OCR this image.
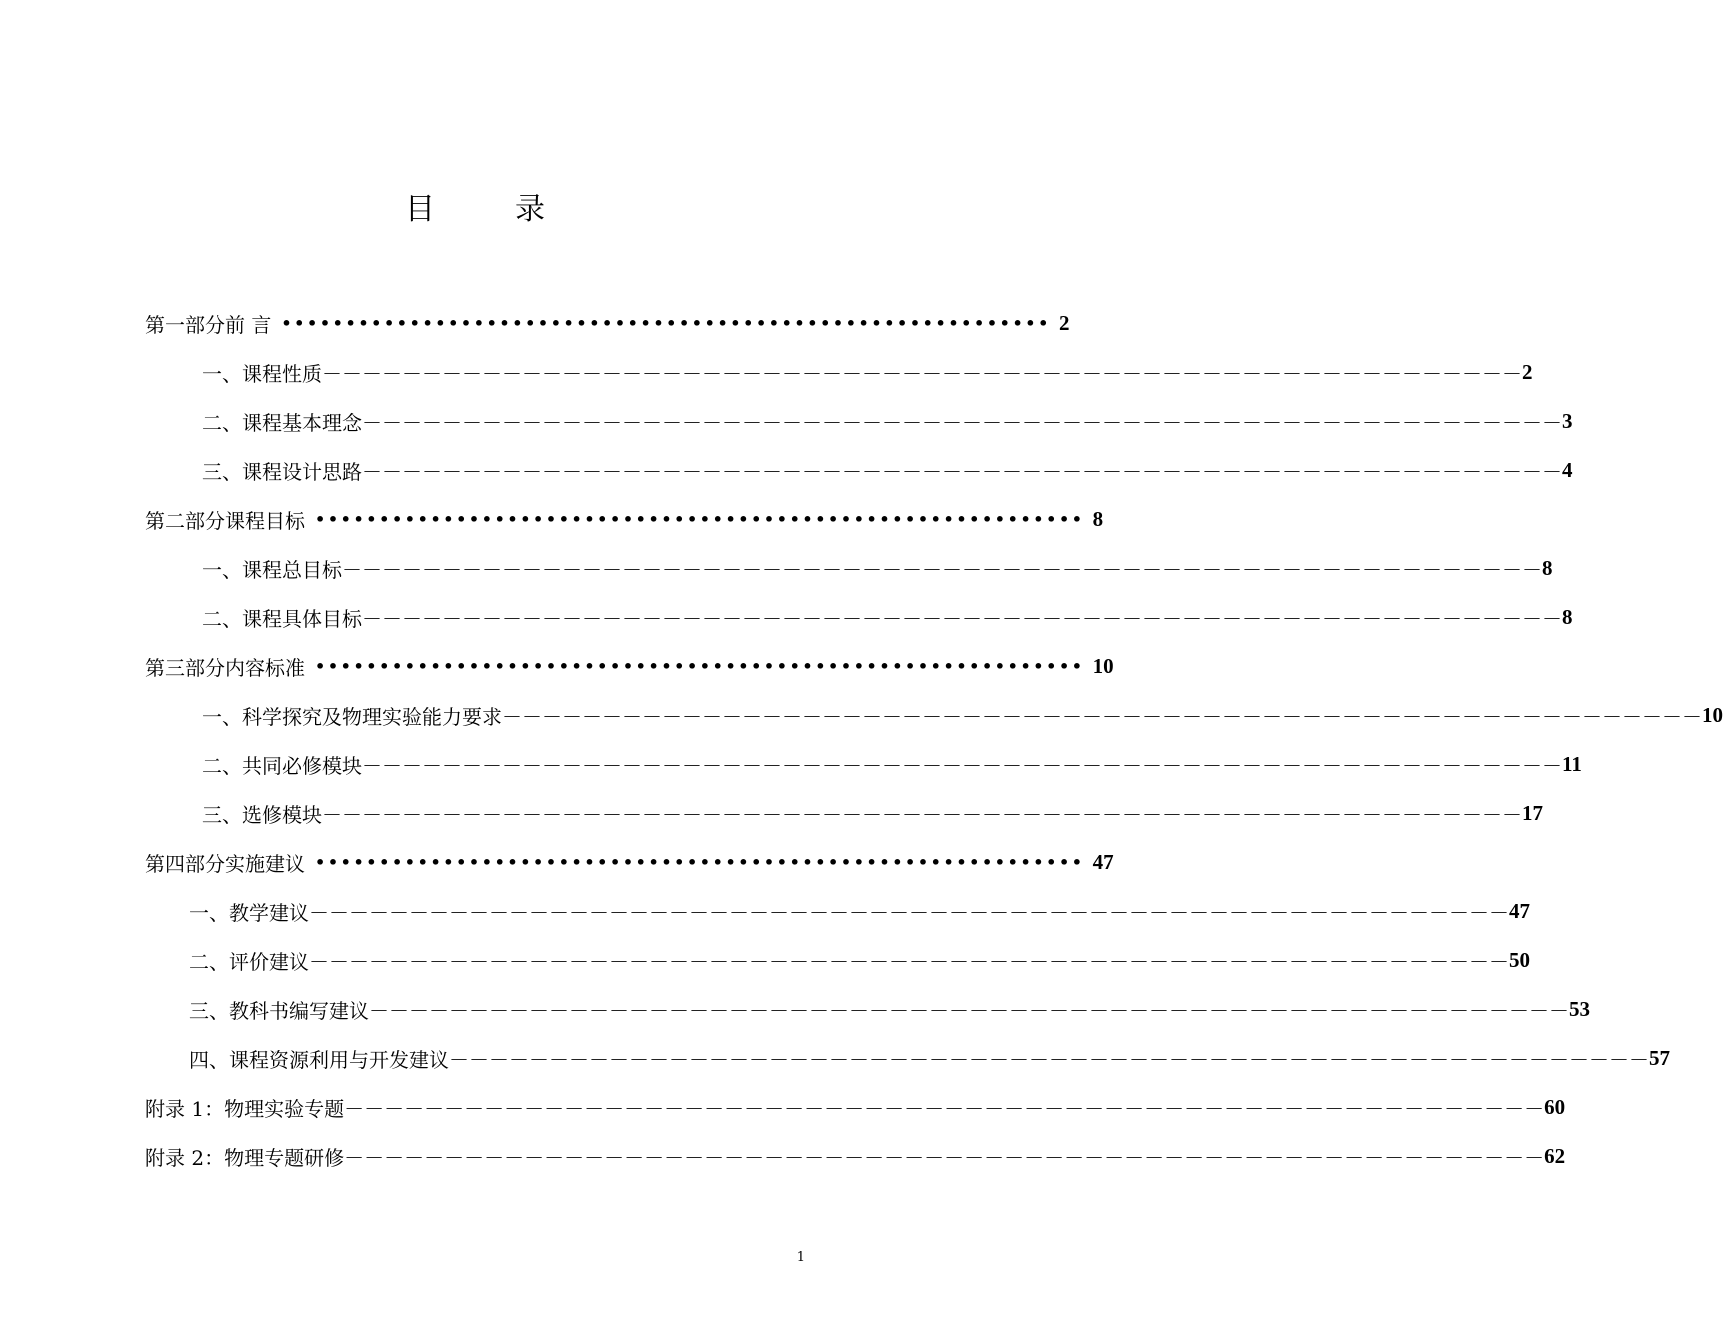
目	录
第一部分 前 言 •••••••••••••••••••••••••••••••••••••••••••••••••••••••••••• 2
一、 课程性质 －－－－－－－－－－－－－－－－－－－－－－－－－－－－－－－－－－－－－－－－－－－－－－－－－－－－－－－－－－－－ 2
二、 课程基本理念 －－－－－－－－－－－－－－－－－－－－－－－－－－－－－－－－－－－－－－－－－－－－－－－－－－－－－－－－－－－－ 3
三、 课程设计思路 －－－－－－－－－－－－－－－－－－－－－－－－－－－－－－－－－－－－－－－－－－－－－－－－－－－－－－－－－－－－ 4
第二部分 课程目标 •••••••••••••••••••••••••••••••••••••••••••••••••••••••••••• 8
一、 课程总目标 －－－－－－－－－－－－－－－－－－－－－－－－－－－－－－－－－－－－－－－－－－－－－－－－－－－－－－－－－－－－ 8
二、 课程具体目标 －－－－－－－－－－－－－－－－－－－－－－－－－－－－－－－－－－－－－－－－－－－－－－－－－－－－－－－－－－－－ 8
第三部分 内容标准 •••••••••••••••••••••••••••••••••••••••••••••••••••••••••••• 10
一、 科学探究及物理实验能力要求 －－－－－－－－－－－－－－－－－－－－－－－－－－－－－－－－－－－－－－－－－－－－－－－－－－－－－－－－－－－－ 10
二、 共同必修模块 －－－－－－－－－－－－－－－－－－－－－－－－－－－－－－－－－－－－－－－－－－－－－－－－－－－－－－－－－－－－ 11
三、 选修模块 －－－－－－－－－－－－－－－－－－－－－－－－－－－－－－－－－－－－－－－－－－－－－－－－－－－－－－－－－－－－ 17
第四部分 实施建议 •••••••••••••••••••••••••••••••••••••••••••••••••••••••••••• 47
一、 教学建议 －－－－－－－－－－－－－－－－－－－－－－－－－－－－－－－－－－－－－－－－－－－－－－－－－－－－－－－－－－－－ 47
二、 评价建议 －－－－－－－－－－－－－－－－－－－－－－－－－－－－－－－－－－－－－－－－－－－－－－－－－－－－－－－－－－－－ 50
三、 教科书编写建议 －－－－－－－－－－－－－－－－－－－－－－－－－－－－－－－－－－－－－－－－－－－－－－－－－－－－－－－－－－－－ 53
四、 课程资源利用与开发建议 －－－－－－－－－－－－－－－－－－－－－－－－－－－－－－－－－－－－－－－－－－－－－－－－－－－－－－－－－－－－ 57
附录 1： 物理实验专题 －－－－－－－－－－－－－－－－－－－－－－－－－－－－－－－－－－－－－－－－－－－－－－－－－－－－－－－－－－－－ 60
附录 2： 物理专题研修 －－－－－－－－－－－－－－－－－－－－－－－－－－－－－－－－－－－－－－－－－－－－－－－－－－－－－－－－－－－－ 62
1
